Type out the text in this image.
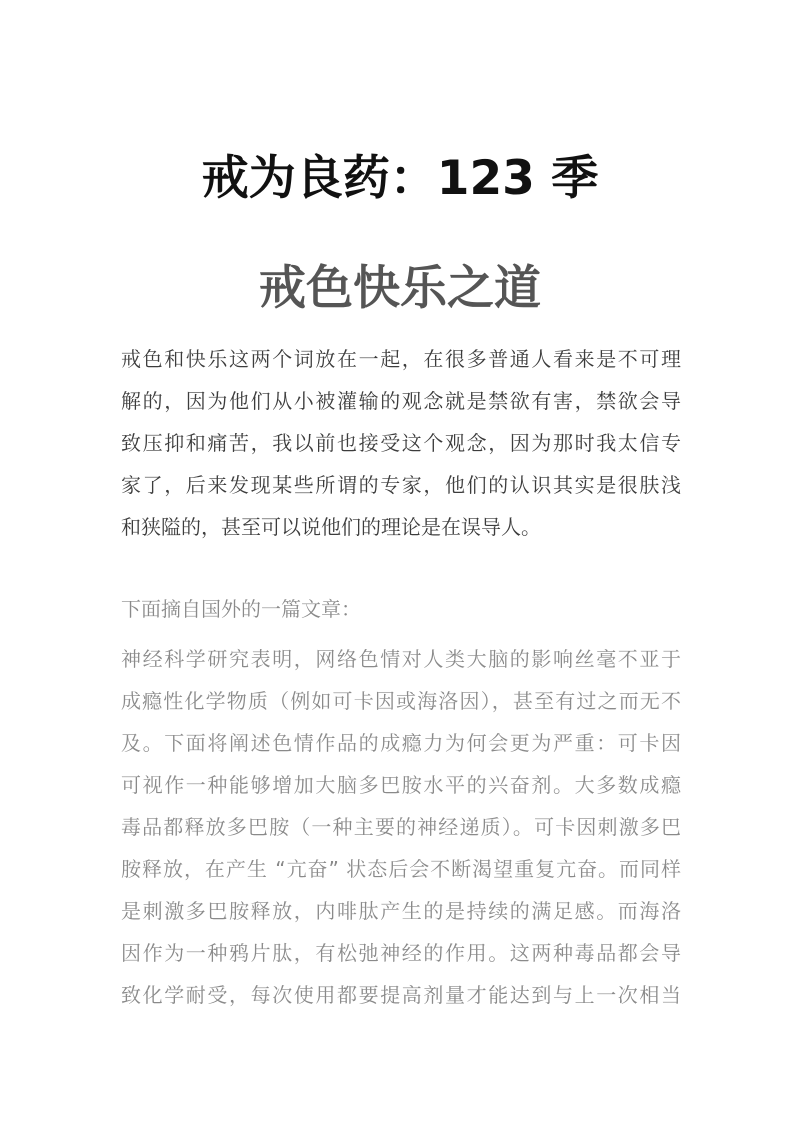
戒为良药：123 季
戒色快乐之道
戒色和快乐这两个词放在一起，在很多普通人看来是不可理
解的，因为他们从小被灌输的观念就是禁欲有害，禁欲会导
致压抑和痛苦，我以前也接受这个观念，因为那时我太信专
家了，后来发现某些所谓的专家，他们的认识其实是很肤浅
和狭隘的，甚至可以说他们的理论是在误导人。
下面摘自国外的一篇文章：
神经科学研究表明，网络色情对人类大脑的影响丝毫不亚于
成瘾性化学物质（例如可卡因或海洛因），甚至有过之而无不
及。下面将阐述色情作品的成瘾力为何会更为严重：可卡因
可视作一种能够增加大脑多巴胺水平的兴奋剂。大多数成瘾
毒品都释放多巴胺（一种主要的神经递质）。可卡因刺激多巴
胺释放，在产生 “亢奋” 状态后会不断渴望重复亢奋。而同样
是刺激多巴胺释放，内啡肽产生的是持续的满足感。而海洛
因作为一种鸦片肽，有松弛神经的作用。这两种毒品都会导
致化学耐受，每次使用都要提高剂量才能达到与上一次相当
